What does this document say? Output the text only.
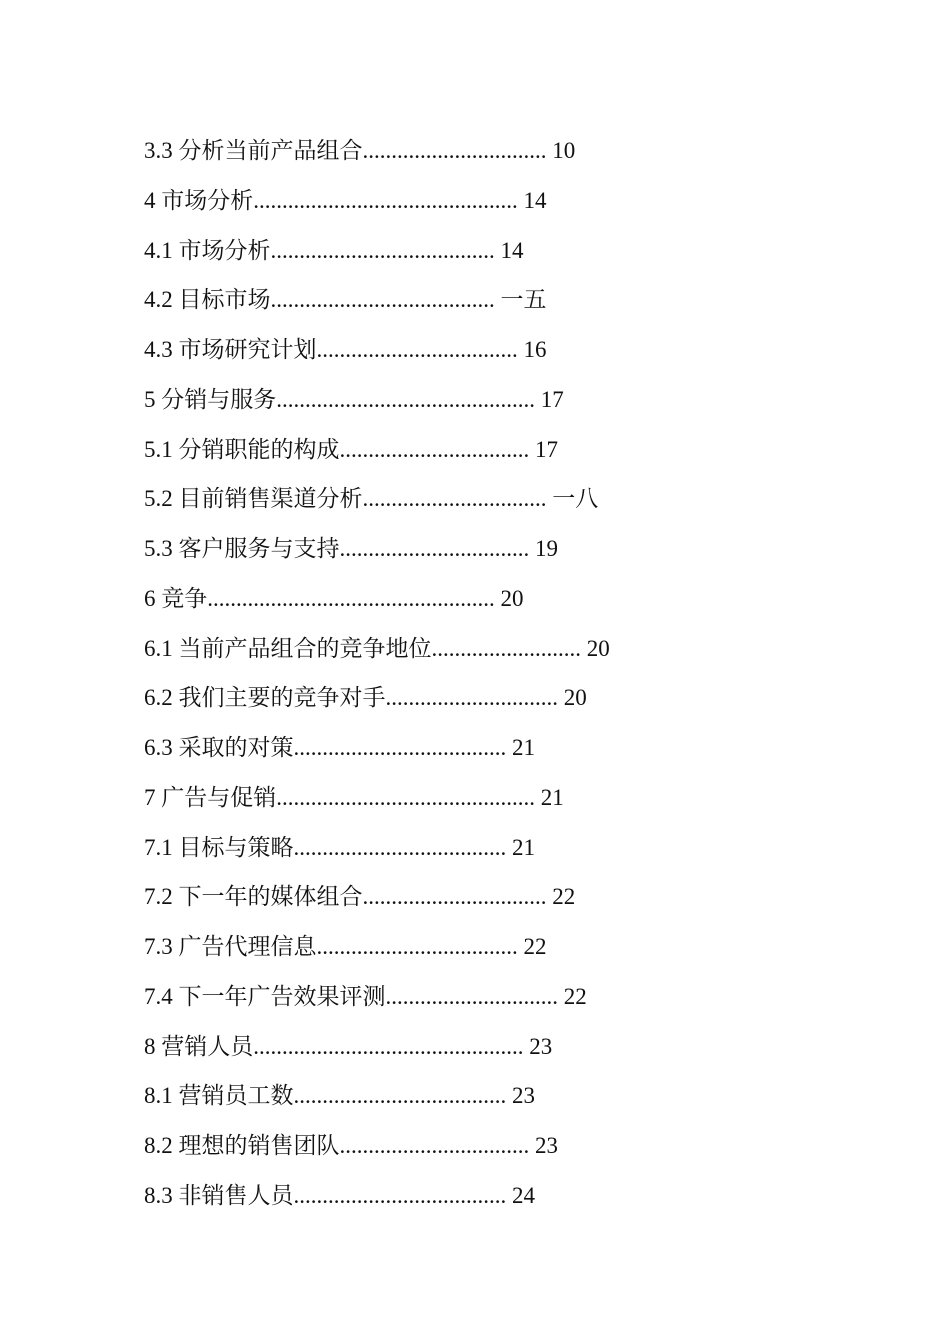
3.3 分析当前产品组合................................ 10
4 市场分析.............................................. 14
4.1 市场分析....................................... 14
4.2 目标市场....................................... 一五
4.3 市场研究计划................................... 16
5 分销与服务............................................. 17
5.1 分销职能的构成................................. 17
5.2 目前销售渠道分析................................ 一八
5.3 客户服务与支持................................. 19
6 竞争.................................................. 20
6.1 当前产品组合的竞争地位.......................... 20
6.2 我们主要的竞争对手.............................. 20
6.3 采取的对策..................................... 21
7 广告与促销............................................. 21
7.1 目标与策略..................................... 21
7.2 下一年的媒体组合................................ 22
7.3 广告代理信息................................... 22
7.4 下一年广告效果评测.............................. 22
8 营销人员............................................... 23
8.1 营销员工数..................................... 23
8.2 理想的销售团队................................. 23
8.3 非销售人员..................................... 24
